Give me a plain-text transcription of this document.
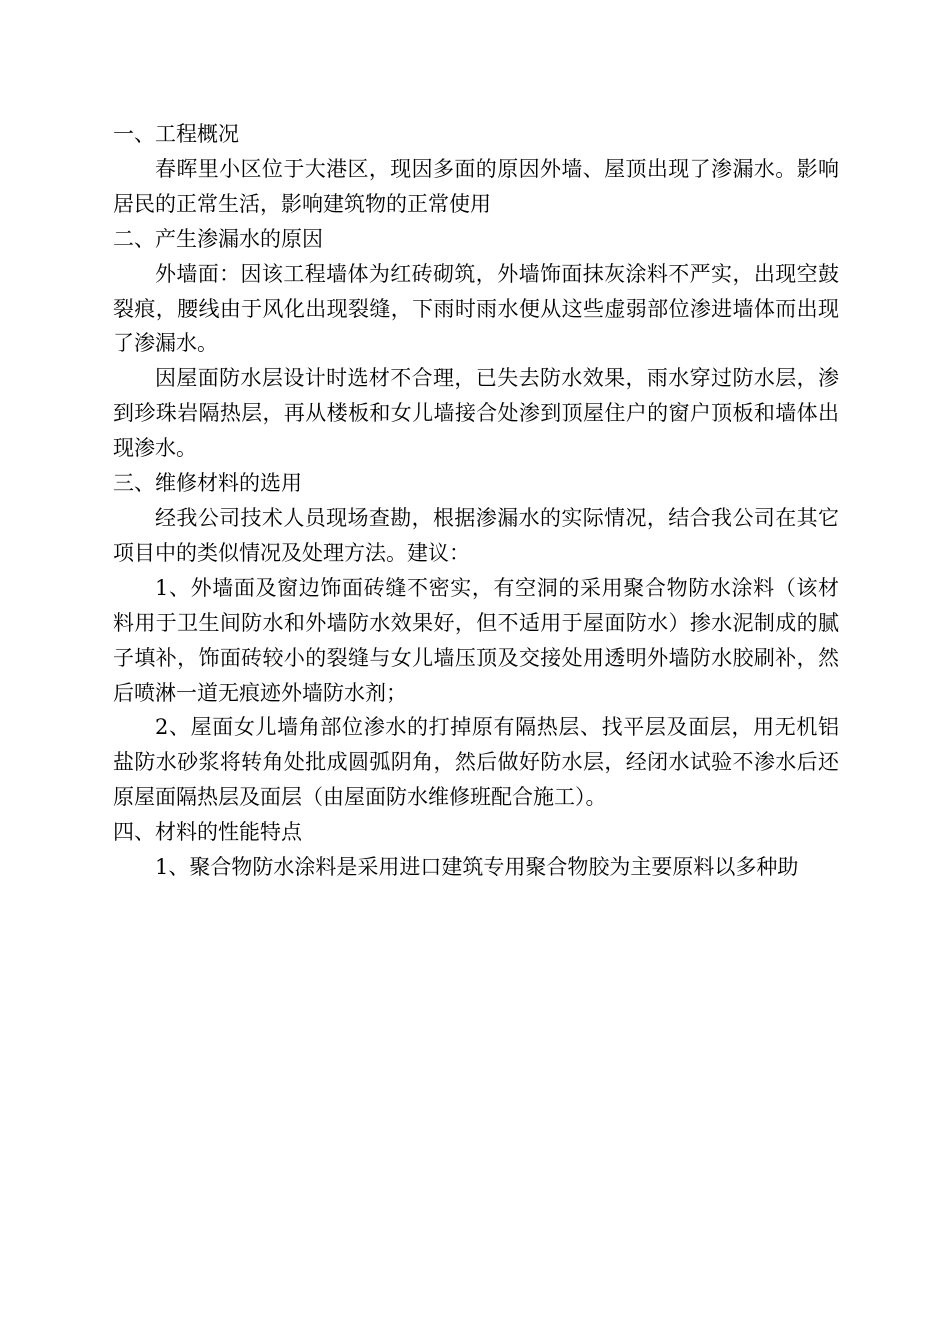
一、工程概况

春晖里小区位于大港区，现因多面的原因外墙、屋顶出现了渗漏水。影响居民的正常生活，影响建筑物的正常使用

二、产生渗漏水的原因

外墙面：因该工程墙体为红砖砌筑，外墙饰面抹灰涂料不严实，出现空鼓裂痕，腰线由于风化出现裂缝，下雨时雨水便从这些虚弱部位渗进墙体而出现了渗漏水。

因屋面防水层设计时选材不合理，已失去防水效果，雨水穿过防水层，渗到珍珠岩隔热层，再从楼板和女儿墙接合处渗到顶屋住户的窗户顶板和墙体出现渗水。

三、维修材料的选用

经我公司技术人员现场查勘，根据渗漏水的实际情况，结合我公司在其它项目中的类似情况及处理方法。建议：

1、外墙面及窗边饰面砖缝不密实，有空洞的采用聚合物防水涂料（该材料用于卫生间防水和外墙防水效果好，但不适用于屋面防水）掺水泥制成的腻子填补，饰面砖较小的裂缝与女儿墙压顶及交接处用透明外墙防水胶刷补，然后喷淋一道无痕迹外墙防水剂；

2、屋面女儿墙角部位渗水的打掉原有隔热层、找平层及面层，用无机铝盐防水砂浆将转角处批成圆弧阴角，然后做好防水层，经闭水试验不渗水后还原屋面隔热层及面层（由屋面防水维修班配合施工）。

四、材料的性能特点

1、聚合物防水涂料是采用进口建筑专用聚合物胶为主要原料以多种助
